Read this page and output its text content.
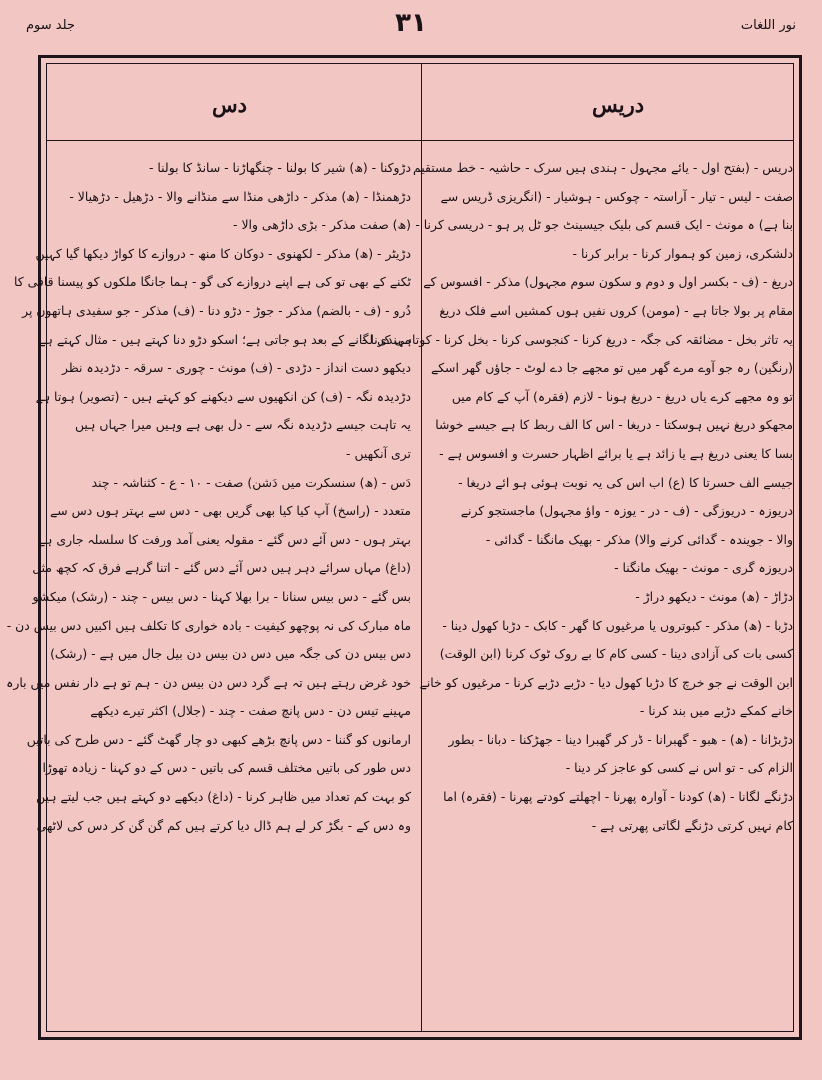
جلد سوم	۳۱	نور اللغات
دس	دریس
دریس - (بفتح اول - یائے مجہول - ہندی ہیں سرک - حاشیہ - خط مستقیم
صفت - لیس - تیار - آراستہ - چوکس - ہوشیار - (انگریزی ڈریس سے
بنا ہے) ہ مونث - ایک قسم کی بلیک جیسینٹ جو ٹل پر ہو - دریسی کرنا -
دلشکری، زمین کو ہموار کرنا - برابر کرنا -
دریغ - (ف - بکسر اول و دوم و سکون سوم مجہول) مذکر - افسوس کے
مقام پر بولا جاتا ہے - (مومن) کروں نفیں ہوں کمشیں اسے فلک دریغ
یہ تاثر بخل - مضائقہ کی جگہ - دریغ کرنا - کنجوسی کرنا - بخل کرنا - کوتاہی کرنا -
(رنگین) رہ جو آوے مرے گھر میں تو مجھے جا دے لوٹ - جاؤں گھر اسکے
تو وہ مجھے کرے یاں دریغ - دریغ ہونا - لازم (فقرہ) آپ کے کام میں
مجھکو دریغ نہیں ہوسکتا - دریغا - اس کا الف ربط کا ہے جیسے خوشا
بسا کا یعنی دریغ ہے یا زائد ہے یا برائے اظہار حسرت و افسوس ہے -
جیسے الف حسرتا کا (ع) اب اس کی یہ نوبت ہوئی ہو ائے دریغا -
دریوزہ - دریوزگی - (ف - در - یوزہ - واؤ مجہول) ماجستجو کرنے
والا - جویندہ - گدائی کرنے والا) مذکر - بھیک مانگنا - گدائی -
دریوزہ گری - مونث - بھیک مانگنا -
دڑاڑ - (ھ) مونث - دیکھو دراڑ -
دڑبا - (ھ) مذکر - کبوتروں یا مرغیوں کا گھر - کابک - دڑبا کھول دینا -
کسی بات کی آزادی دینا - کسی کام کا بے روک ٹوک کرنا (ابن الوقت)
ابن الوقت نے جو خرچ کا دڑبا کھول دیا - دڑبے دڑبے کرنا - مرغیوں کو خانے
خانے کمکے دڑبے میں بند کرنا -
دڑبڑانا - (ھ) - ھبو - گھبرانا - ڈر کر گھبرا دینا - جھڑکنا - دبانا - بطور
الزام کی - تو اس نے کسی کو عاجز کر دینا -
دڑنگے لگانا - (ھ) کودنا - آوارہ پھرنا - اچھلتے کودتے پھرنا - (فقرہ) اما
کام نہیں کرتی دڑنگے لگاتی پھرتی ہے -
دڑوکنا - (ھ) شیر کا بولنا - چنگھاڑنا - سانڈ کا بولنا -
دڑھمنڈا - (ھ) مذکر - داڑھی منڈا سے منڈانے والا - دڑھیل - دڑھیالا -
(ھ) صفت مذکر - بڑی داڑھی والا -
دڑیٹر - (ھ) مذکر - لکھنوی - دوکان کا منھ - دروازے کا کواڑ دیکھا گیا کہیں
ٹکنے کے بھی تو کی ہے اپنے دروازے کی گو - ہما جانگا ملکوں کو پیسنا قافی کا
دُرو - (ف - بالضم) مذکر - جوڑ - دڑو دنا - (ف) مذکر - جو سفیدی ہاتھوں پر
مہندی لگانے کے بعد ہو جاتی ہے؛ اسکو دڑو دنا کہتے ہیں - مثال کہتے ہے
دیکھو دست انداز - دڑدی - (ف) مونث - چوری - سرقہ - دڑدیدہ نظر
دڑدیدہ نگہ - (ف) کن انکھیوں سے دیکھنے کو کہتے ہیں - (تصویر) ہوتا ہے
یہ تاہت جیسے دڑدیدہ نگہ سے - دل بھی ہے وہیں میرا جہاں ہیں
تری آنکھیں -
دَس - (ھ) سنسکرت میں دَشن) صفت - ۱۰ - ع - کثناشہ - چند
متعدد - (راسخ) آپ کیا کیا بھی گریں بھی - دس سے بہتر ہوں دس سے
بہتر ہوں - دس آئے دس گئے - مقولہ یعنی آمد ورفت کا سلسلہ جاری ہے
(داغ) مہاں سرائے دہر ہیں دس آئے دس گئے - اتنا گرہے فرق کہ کچھ مثل
بس گئے - دس بیس سنانا - برا بھلا کہنا - دس بیس - چند - (رشک) میکشو
ماہ مبارک کی نہ پوچھو کیفیت - بادہ خواری کا تکلف ہیں اکبیں دس بیس دن -
دس بیس دن کی جگہ میں دس دن بیس دن بیل جال میں ہے - (رشک)
خود غرض رہتے ہیں تہ ہے گرد دس دن بیس دن - ہم تو ہے دار نفس میں بارہ
مہینے تیس دن - دس پانچ صفت - چند - (جلال) اکثر تیرے دیکھے
ارمانوں کو گننا - دس پانچ بڑھے کبھی دو چار گھٹ گئے - دس طرح کی باتیں
دس طور کی باتیں مختلف قسم کی باتیں - دس کے دو کہنا - زیادہ تھوڑا
کو بہت کم تعداد میں ظاہر کرنا - (داغ) دیکھے دو کہتے ہیں جب لیتے ہیں
وہ دس کے - بگڑ کر لے ہم ڈال دیا کرتے ہیں کم گن گن کر دس کی لاٹھی
